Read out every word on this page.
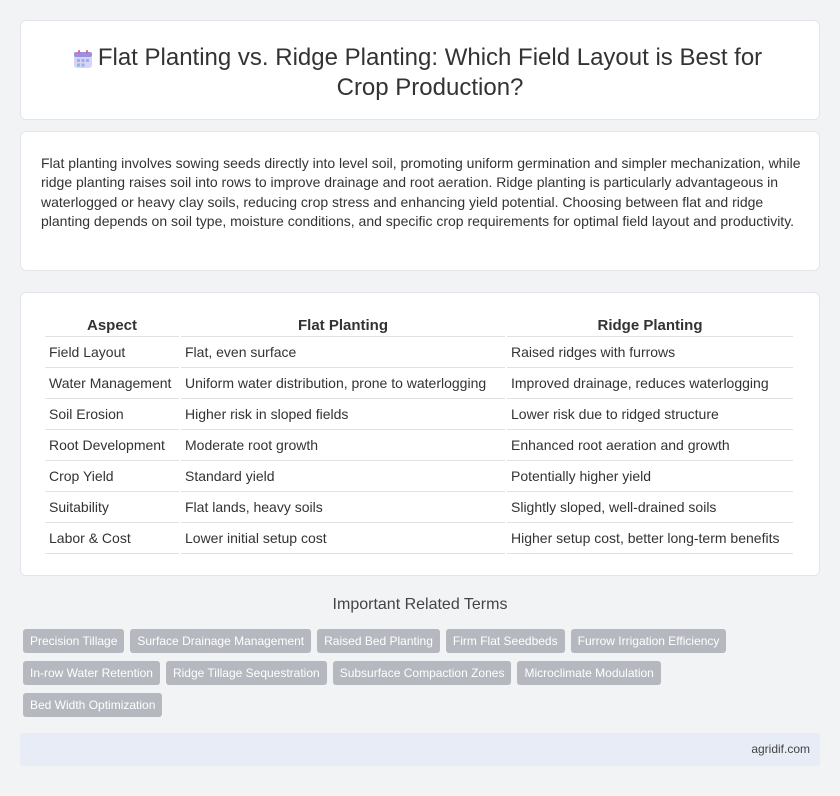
Flat Planting vs. Ridge Planting: Which Field Layout is Best for Crop Production?

Flat planting involves sowing seeds directly into level soil, promoting uniform germination and simpler mechanization, while ridge planting raises soil into rows to improve drainage and root aeration. Ridge planting is particularly advantageous in waterlogged or heavy clay soils, reducing crop stress and enhancing yield potential. Choosing between flat and ridge planting depends on soil type, moisture conditions, and specific crop requirements for optimal field layout and productivity.

Aspect	Flat Planting	Ridge Planting
Field Layout	Flat, even surface	Raised ridges with furrows
Water Management	Uniform water distribution, prone to waterlogging	Improved drainage, reduces waterlogging
Soil Erosion	Higher risk in sloped fields	Lower risk due to ridged structure
Root Development	Moderate root growth	Enhanced root aeration and growth
Crop Yield	Standard yield	Potentially higher yield
Suitability	Flat lands, heavy soils	Slightly sloped, well-drained soils
Labor & Cost	Lower initial setup cost	Higher setup cost, better long-term benefits
Important Related Terms
Precision Tillage	Surface Drainage Management	Raised Bed Planting	Firm Flat Seedbeds	Furrow Irrigation Efficiency
In-row Water Retention	Ridge Tillage Sequestration	Subsurface Compaction Zones	Microclimate Modulation
Bed Width Optimization
agridif.com
